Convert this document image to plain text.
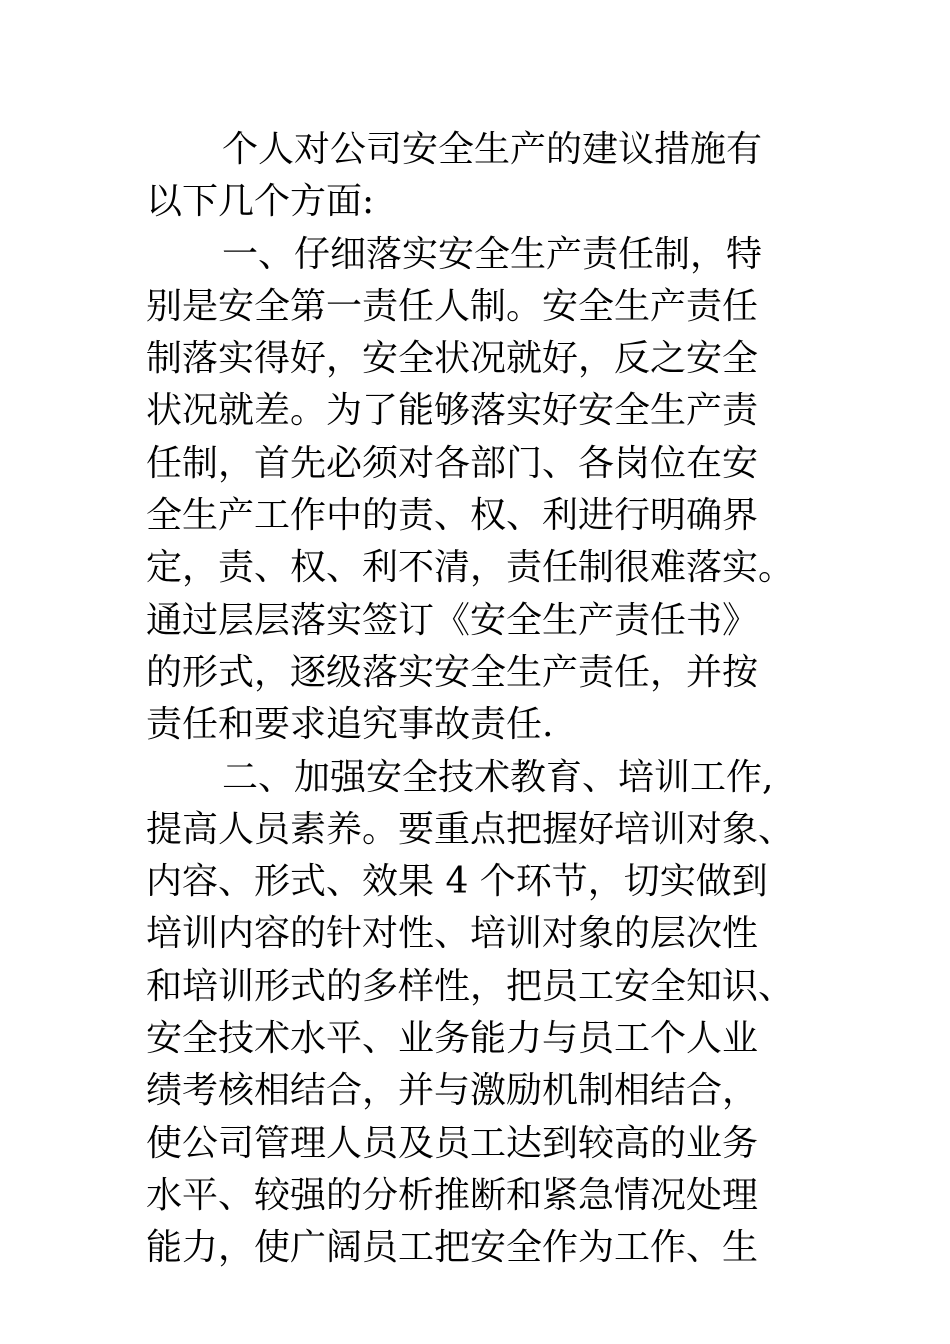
个人对公司安全生产的建议措施有
以下几个方面:
一、仔细落实安全生产责任制，特
别是安全第一责任人制。安全生产责任
制落实得好，安全状况就好，反之安全
状况就差。为了能够落实好安全生产责
任制，首先必须对各部门、各岗位在安
全生产工作中的责、权、利进行明确界
定，责、权、利不清，责任制很难落实。
通过层层落实签订《安全生产责任书》
的形式，逐级落实安全生产责任，并按
责任和要求追究事故责任.
二、加强安全技术教育、培训工作,
提高人员素养。要重点把握好培训对象、
内容、形式、效果 4 个环节，切实做到
培训内容的针对性、培训对象的层次性
和培训形式的多样性，把员工安全知识、
安全技术水平、业务能力与员工个人业
绩考核相结合，并与激励机制相结合，
使公司管理人员及员工达到较高的业务
水平、较强的分析推断和紧急情况处理
能力，使广阔员工把安全作为工作、生
